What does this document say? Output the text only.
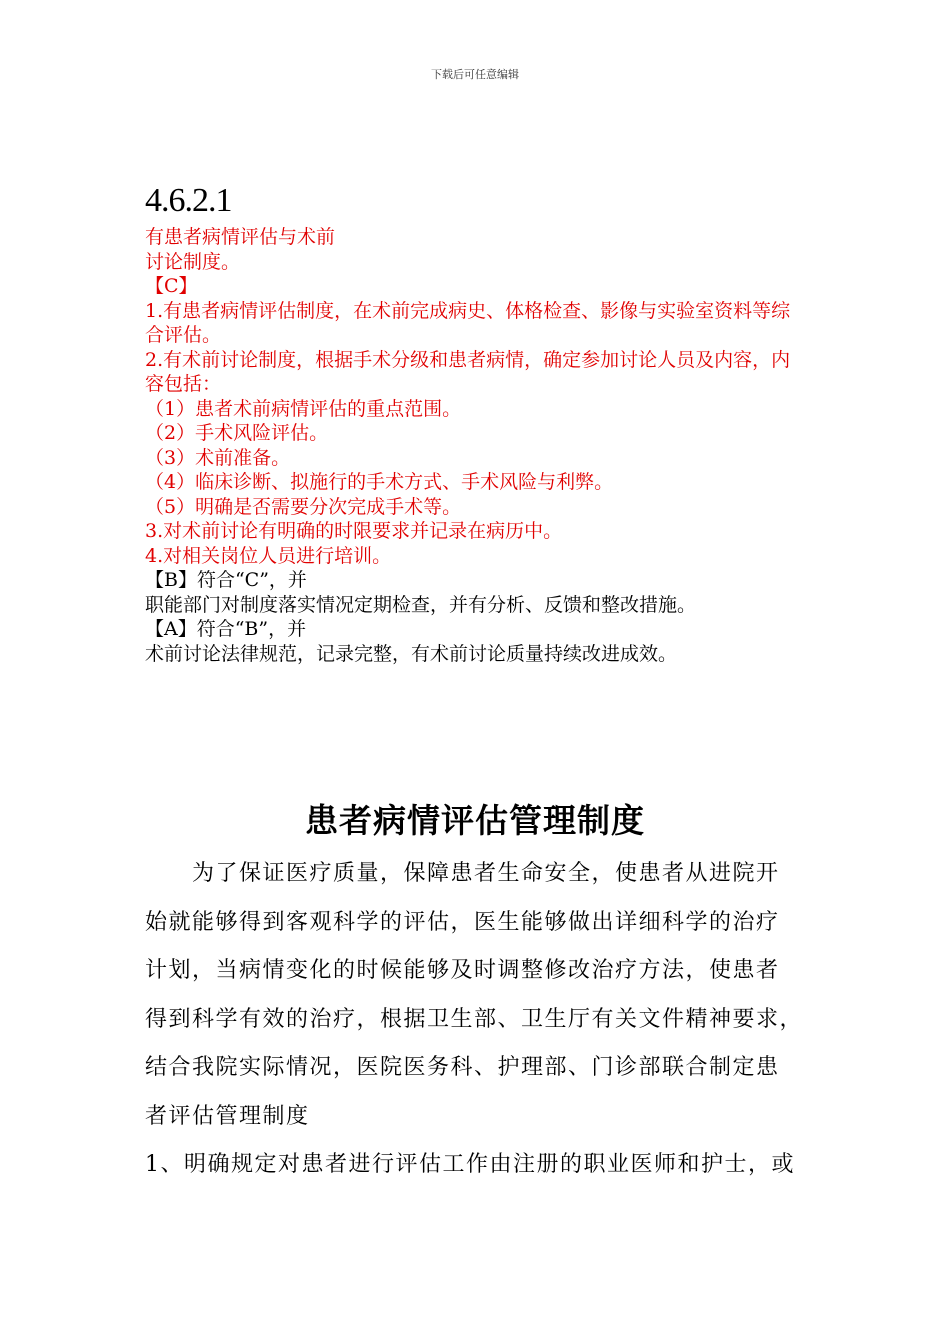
下载后可任意编辑
4.6.2.1
有患者病情评估与术前
讨论制度。
【C】
1.有患者病情评估制度，在术前完成病史、体格检查、影像与实验室资料等综
合评估。
2.有术前讨论制度，根据手术分级和患者病情，确定参加讨论人员及内容，内
容包括：
（1）患者术前病情评估的重点范围。
（2）手术风险评估。
（3）术前准备。
（4）临床诊断、拟施行的手术方式、手术风险与利弊。
（5）明确是否需要分次完成手术等。
3.对术前讨论有明确的时限要求并记录在病历中。
4.对相关岗位人员进行培训。
【B】符合“C”，并
职能部门对制度落实情况定期检查，并有分析、反馈和整改措施。
【A】符合“B”，并
术前讨论法律规范，记录完整，有术前讨论质量持续改进成效。
患者病情评估管理制度
　　为了保证医疗质量，保障患者生命安全，使患者从进院开
始就能够得到客观科学的评估，医生能够做出详细科学的治疗
计划，当病情变化的时候能够及时调整修改治疗方法，使患者
得到科学有效的治疗，根据卫生部、卫生厅有关文件精神要求，
结合我院实际情况，医院医务科、护理部、门诊部联合制定患
者评估管理制度
1、明确规定对患者进行评估工作由注册的职业医师和护士，或
